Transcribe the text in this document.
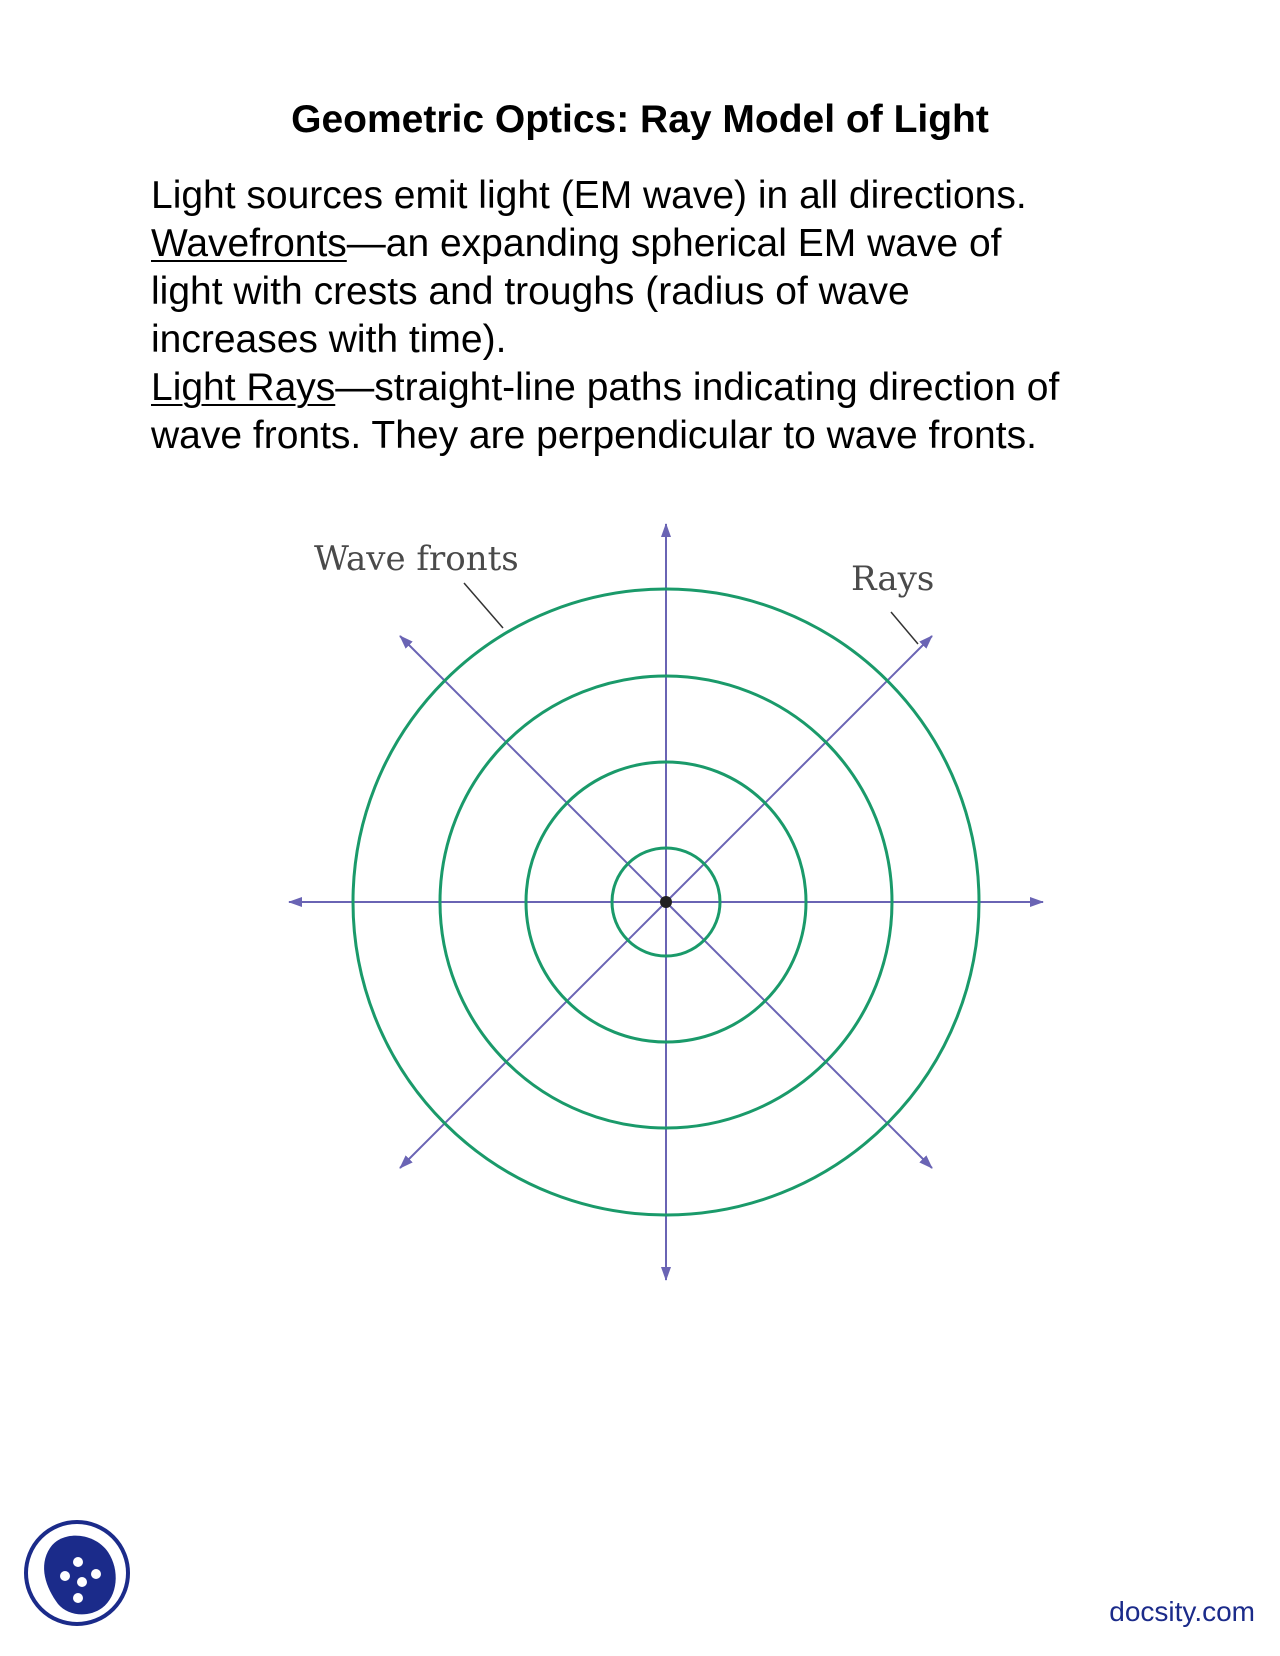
Geometric Optics: Ray Model of Light
Light sources emit light (EM wave) in all directions.
Wavefronts—an expanding spherical EM wave of
light with crests and troughs (radius of wave
increases with time).
Light Rays—straight-line paths indicating direction of
wave fronts. They are perpendicular to wave fronts.
Wave fronts	Rays
docsity.com
